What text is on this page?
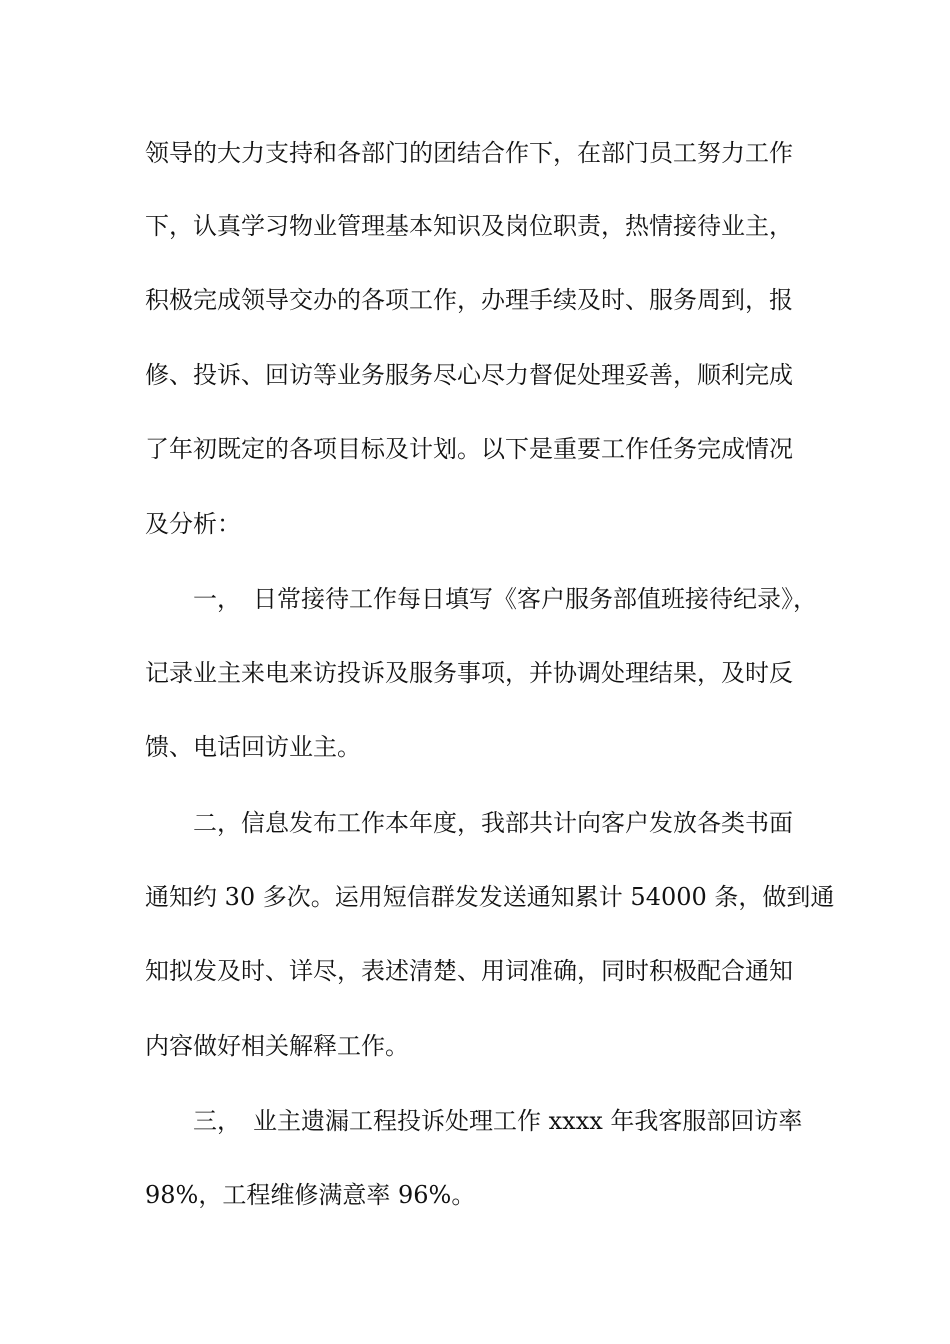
领导的大力支持和各部门的团结合作下，在部门员工努力工作
下，认真学习物业管理基本知识及岗位职责，热情接待业主，
积极完成领导交办的各项工作，办理手续及时、服务周到，报
修、投诉、回访等业务服务尽心尽力督促处理妥善，顺利完成
了年初既定的各项目标及计划。以下是重要工作任务完成情况
及分析：
一，　日常接待工作每日填写《客户服务部值班接待纪录》，
记录业主来电来访投诉及服务事项，并协调处理结果，及时反
馈、电话回访业主。
二，信息发布工作本年度，我部共计向客户发放各类书面
通知约 30 多次。运用短信群发发送通知累计 54000 条，做到通
知拟发及时、详尽，表述清楚、用词准确，同时积极配合通知
内容做好相关解释工作。
三，　业主遗漏工程投诉处理工作 xxxx 年我客服部回访率
98%，工程维修满意率 96%。
